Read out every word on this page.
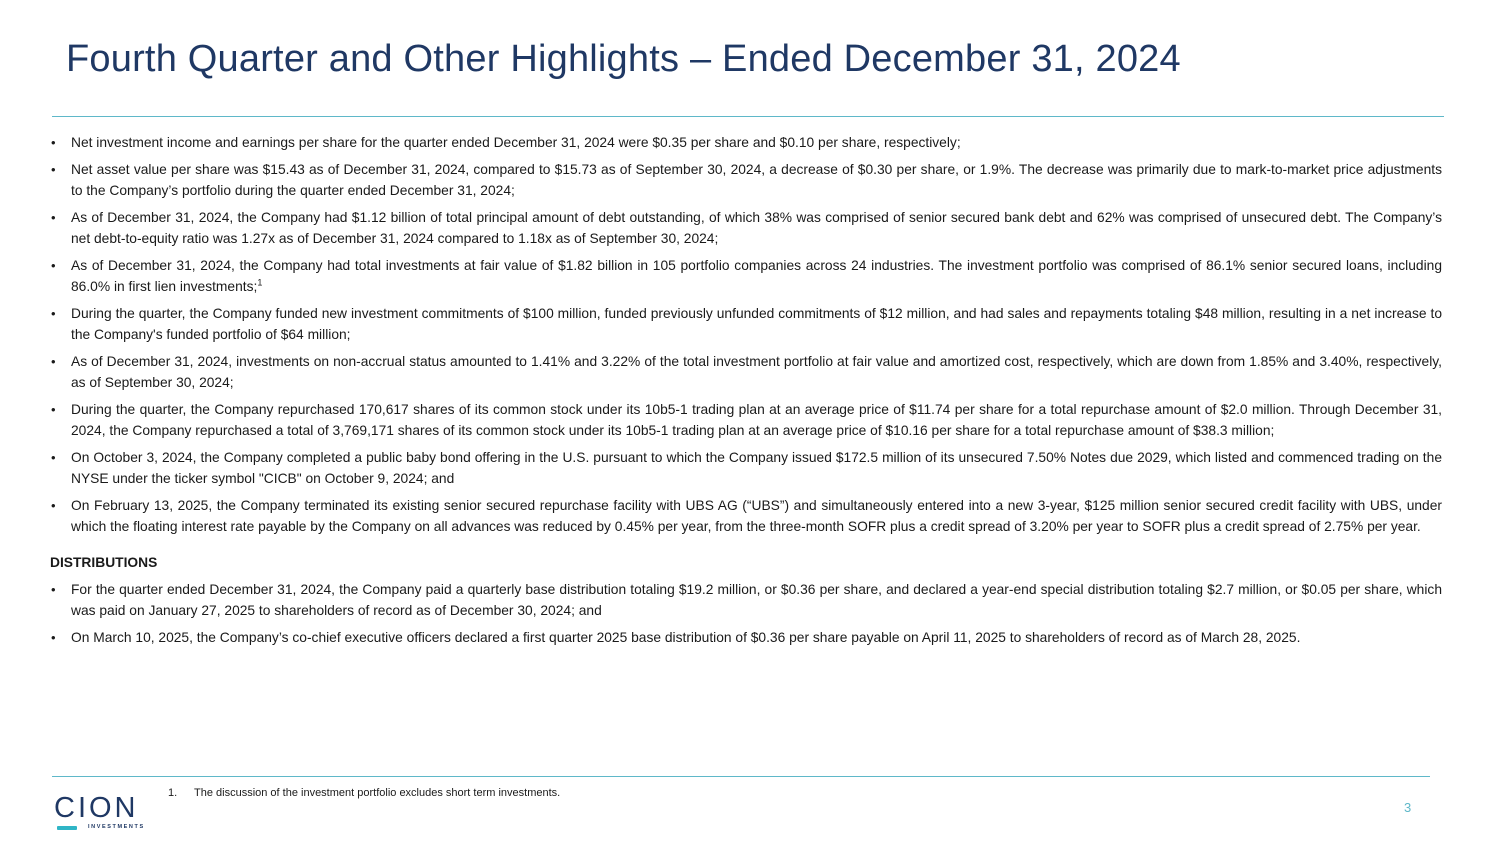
Fourth Quarter and Other Highlights – Ended December 31, 2024
• Net investment income and earnings per share for the quarter ended December 31, 2024 were $0.35 per share and $0.10 per share, respectively;
• Net asset value per share was $15.43 as of December 31, 2024, compared to $15.73 as of September 30, 2024, a decrease of $0.30 per share, or 1.9%. The decrease was primarily due to mark-to-market price adjustments to the Company’s portfolio during the quarter ended December 31, 2024;
• As of December 31, 2024, the Company had $1.12 billion of total principal amount of debt outstanding, of which 38% was comprised of senior secured bank debt and 62% was comprised of unsecured debt. The Company’s net debt-to-equity ratio was 1.27x as of December 31, 2024 compared to 1.18x as of September 30, 2024;
• As of December 31, 2024, the Company had total investments at fair value of $1.82 billion in 105 portfolio companies across 24 industries. The investment portfolio was comprised of 86.1% senior secured loans, including 86.0% in first lien investments;$^1$
• During the quarter, the Company funded new investment commitments of $100 million, funded previously unfunded commitments of $12 million, and had sales and repayments totaling $48 million, resulting in a net increase to the Company's funded portfolio of $64 million;
• As of December 31, 2024, investments on non-accrual status amounted to 1.41% and 3.22% of the total investment portfolio at fair value and amortized cost, respectively, which are down from 1.85% and 3.40%, respectively, as of September 30, 2024;
• During the quarter, the Company repurchased 170,617 shares of its common stock under its 10b5-1 trading plan at an average price of $11.74 per share for a total repurchase amount of $2.0 million. Through December 31, 2024, the Company repurchased a total of 3,769,171 shares of its common stock under its 10b5-1 trading plan at an average price of $10.16 per share for a total repurchase amount of $38.3 million;
• On October 3, 2024, the Company completed a public baby bond offering in the U.S. pursuant to which the Company issued $172.5 million of its unsecured 7.50% Notes due 2029, which listed and commenced trading on the NYSE under the ticker symbol "CICB" on October 9, 2024; and
• On February 13, 2025, the Company terminated its existing senior secured repurchase facility with UBS AG (“UBS”) and simultaneously entered into a new 3-year, $125 million senior secured credit facility with UBS, under which the floating interest rate payable by the Company on all advances was reduced by 0.45% per year, from the three-month SOFR plus a credit spread of 3.20% per year to SOFR plus a credit spread of 2.75% per year.
DISTRIBUTIONS
• For the quarter ended December 31, 2024, the Company paid a quarterly base distribution totaling $19.2 million, or $0.36 per share, and declared a year-end special distribution totaling $2.7 million, or $0.05 per share, which was paid on January 27, 2025 to shareholders of record as of December 30, 2024; and
• On March 10, 2025, the Company’s co-chief executive officers declared a first quarter 2025 base distribution of $0.36 per share payable on April 11, 2025 to shareholders of record as of March 28, 2025.
CION
INVESTMENTS
1. The discussion of the investment portfolio excludes short term investments.
3
